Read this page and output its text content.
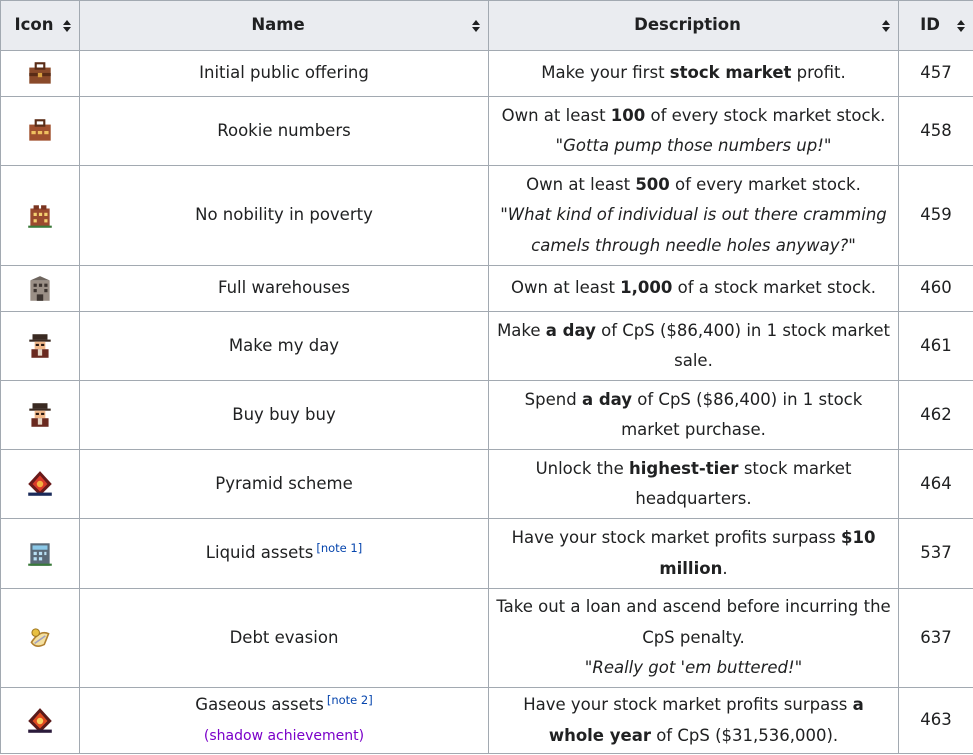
Icon	Name	Description	ID

	Initial public offering	Make your first stock market profit.	457

	Rookie numbers	Own at least 100 of every stock market stock.
"Gotta pump those numbers up!"	458

	No nobility in poverty	Own at least 500 of every market stock.
"What kind of individual is out there cramming camels through needle holes anyway?"	459

	Full warehouses	Own at least 1,000 of a stock market stock.	460

	Make my day	Make a day of CpS ($86,400) in 1 stock market sale.	461

	Buy buy buy	Spend a day of CpS ($86,400) in 1 stock market purchase.	462

	Pyramid scheme	Unlock the highest-tier stock market headquarters.	464

	Liquid assets [note 1]	Have your stock market profits surpass $10 million.	537

	Debt evasion	Take out a loan and ascend before incurring the CpS penalty.
"Really got 'em buttered!"	637

	Gaseous assets [note 2]
(shadow achievement)	Have your stock market profits surpass a whole year of CpS ($31,536,000).	463
